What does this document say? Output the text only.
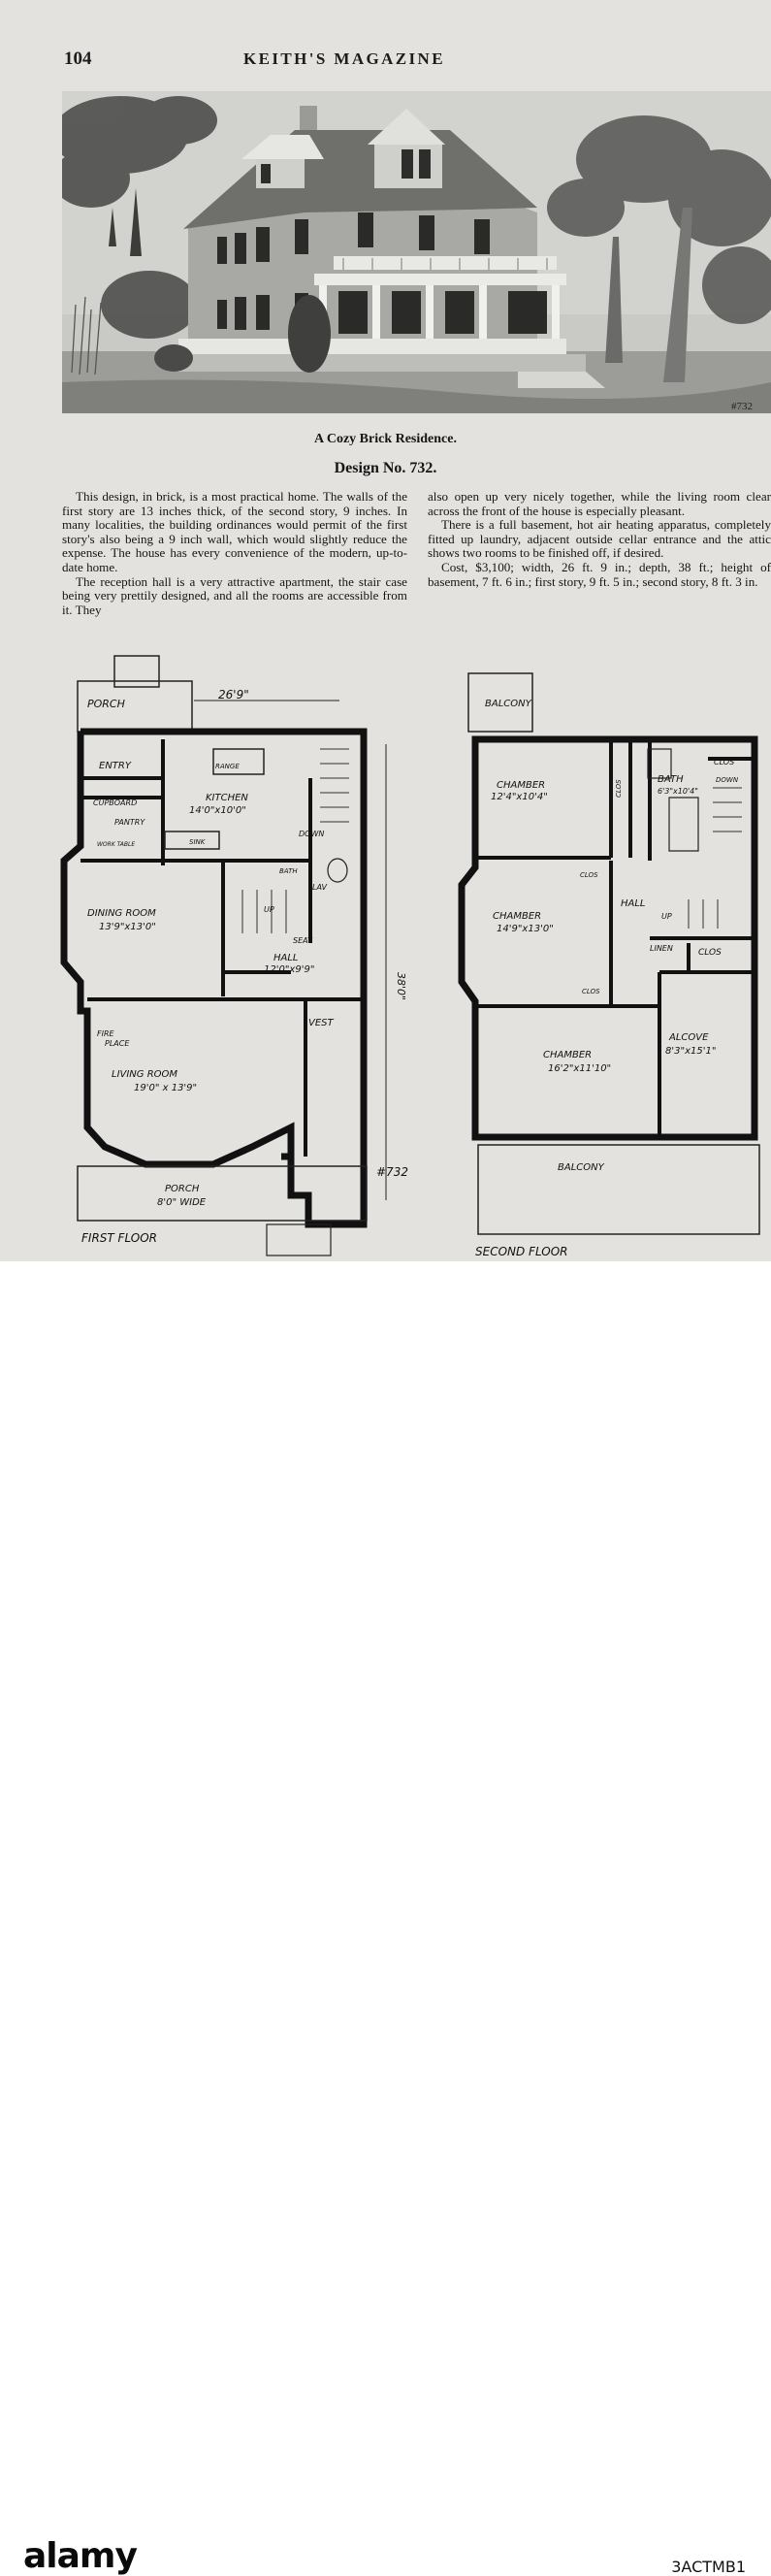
104	KEITH'S MAGAZINE
#732
A Cozy Brick Residence.
Design No. 732.

This design, in brick, is a most practical home. The walls of the first story are 13 inches thick, of the second story, 9 inches. In many localities, the building ordinances would permit of the first story's also being a 9 inch wall, which would slightly reduce the expense. The house has every convenience of the modern, up-to-date home.

The reception hall is a very attractive apartment, the stair case being very prettily designed, and all the rooms are accessible from it. They

also open up very nicely together, while the living room clear across the front of the house is especially pleasant.

There is a full basement, hot air heating apparatus, completely fitted up laundry, adjacent outside cellar entrance and the attic shows two rooms to be finished off, if desired.

Cost, $3,100; width, 26 ft. 9 in.; depth, 38 ft.; height of basement, 7 ft. 6 in.; first story, 9 ft. 5 in.; second story, 8 ft. 3 in.

PORCH
26'9"
ENTRY	RANGE
KITCHEN
14'0"x10'0"
CUPBOARD
PANTRY
WORK TABLE	SINK
DOWN
BATH
LAV
UP
DINING ROOM
13'9"x13'0"
SEAT
HALL
12'0"x9'9"
VEST
FIRE
PLACE
LIVING ROOM
19'0" x 13'9"
PORCH
8'0" WIDE
#732
FIRST FLOOR
38'0"
BALCONY
CHAMBER
12'4"x10'4"	CLOS	BATH
6'3"x10'4"
CLOS
DOWN
CLOS
CHAMBER
14'9"x13'0"
HALL
UP
LINEN	CLOS
CLOS
CHAMBER
16'2"x11'10"
ALCOVE
8'3"x15'1"
BALCONY
SECOND FLOOR
alamy	3ACTMB1
